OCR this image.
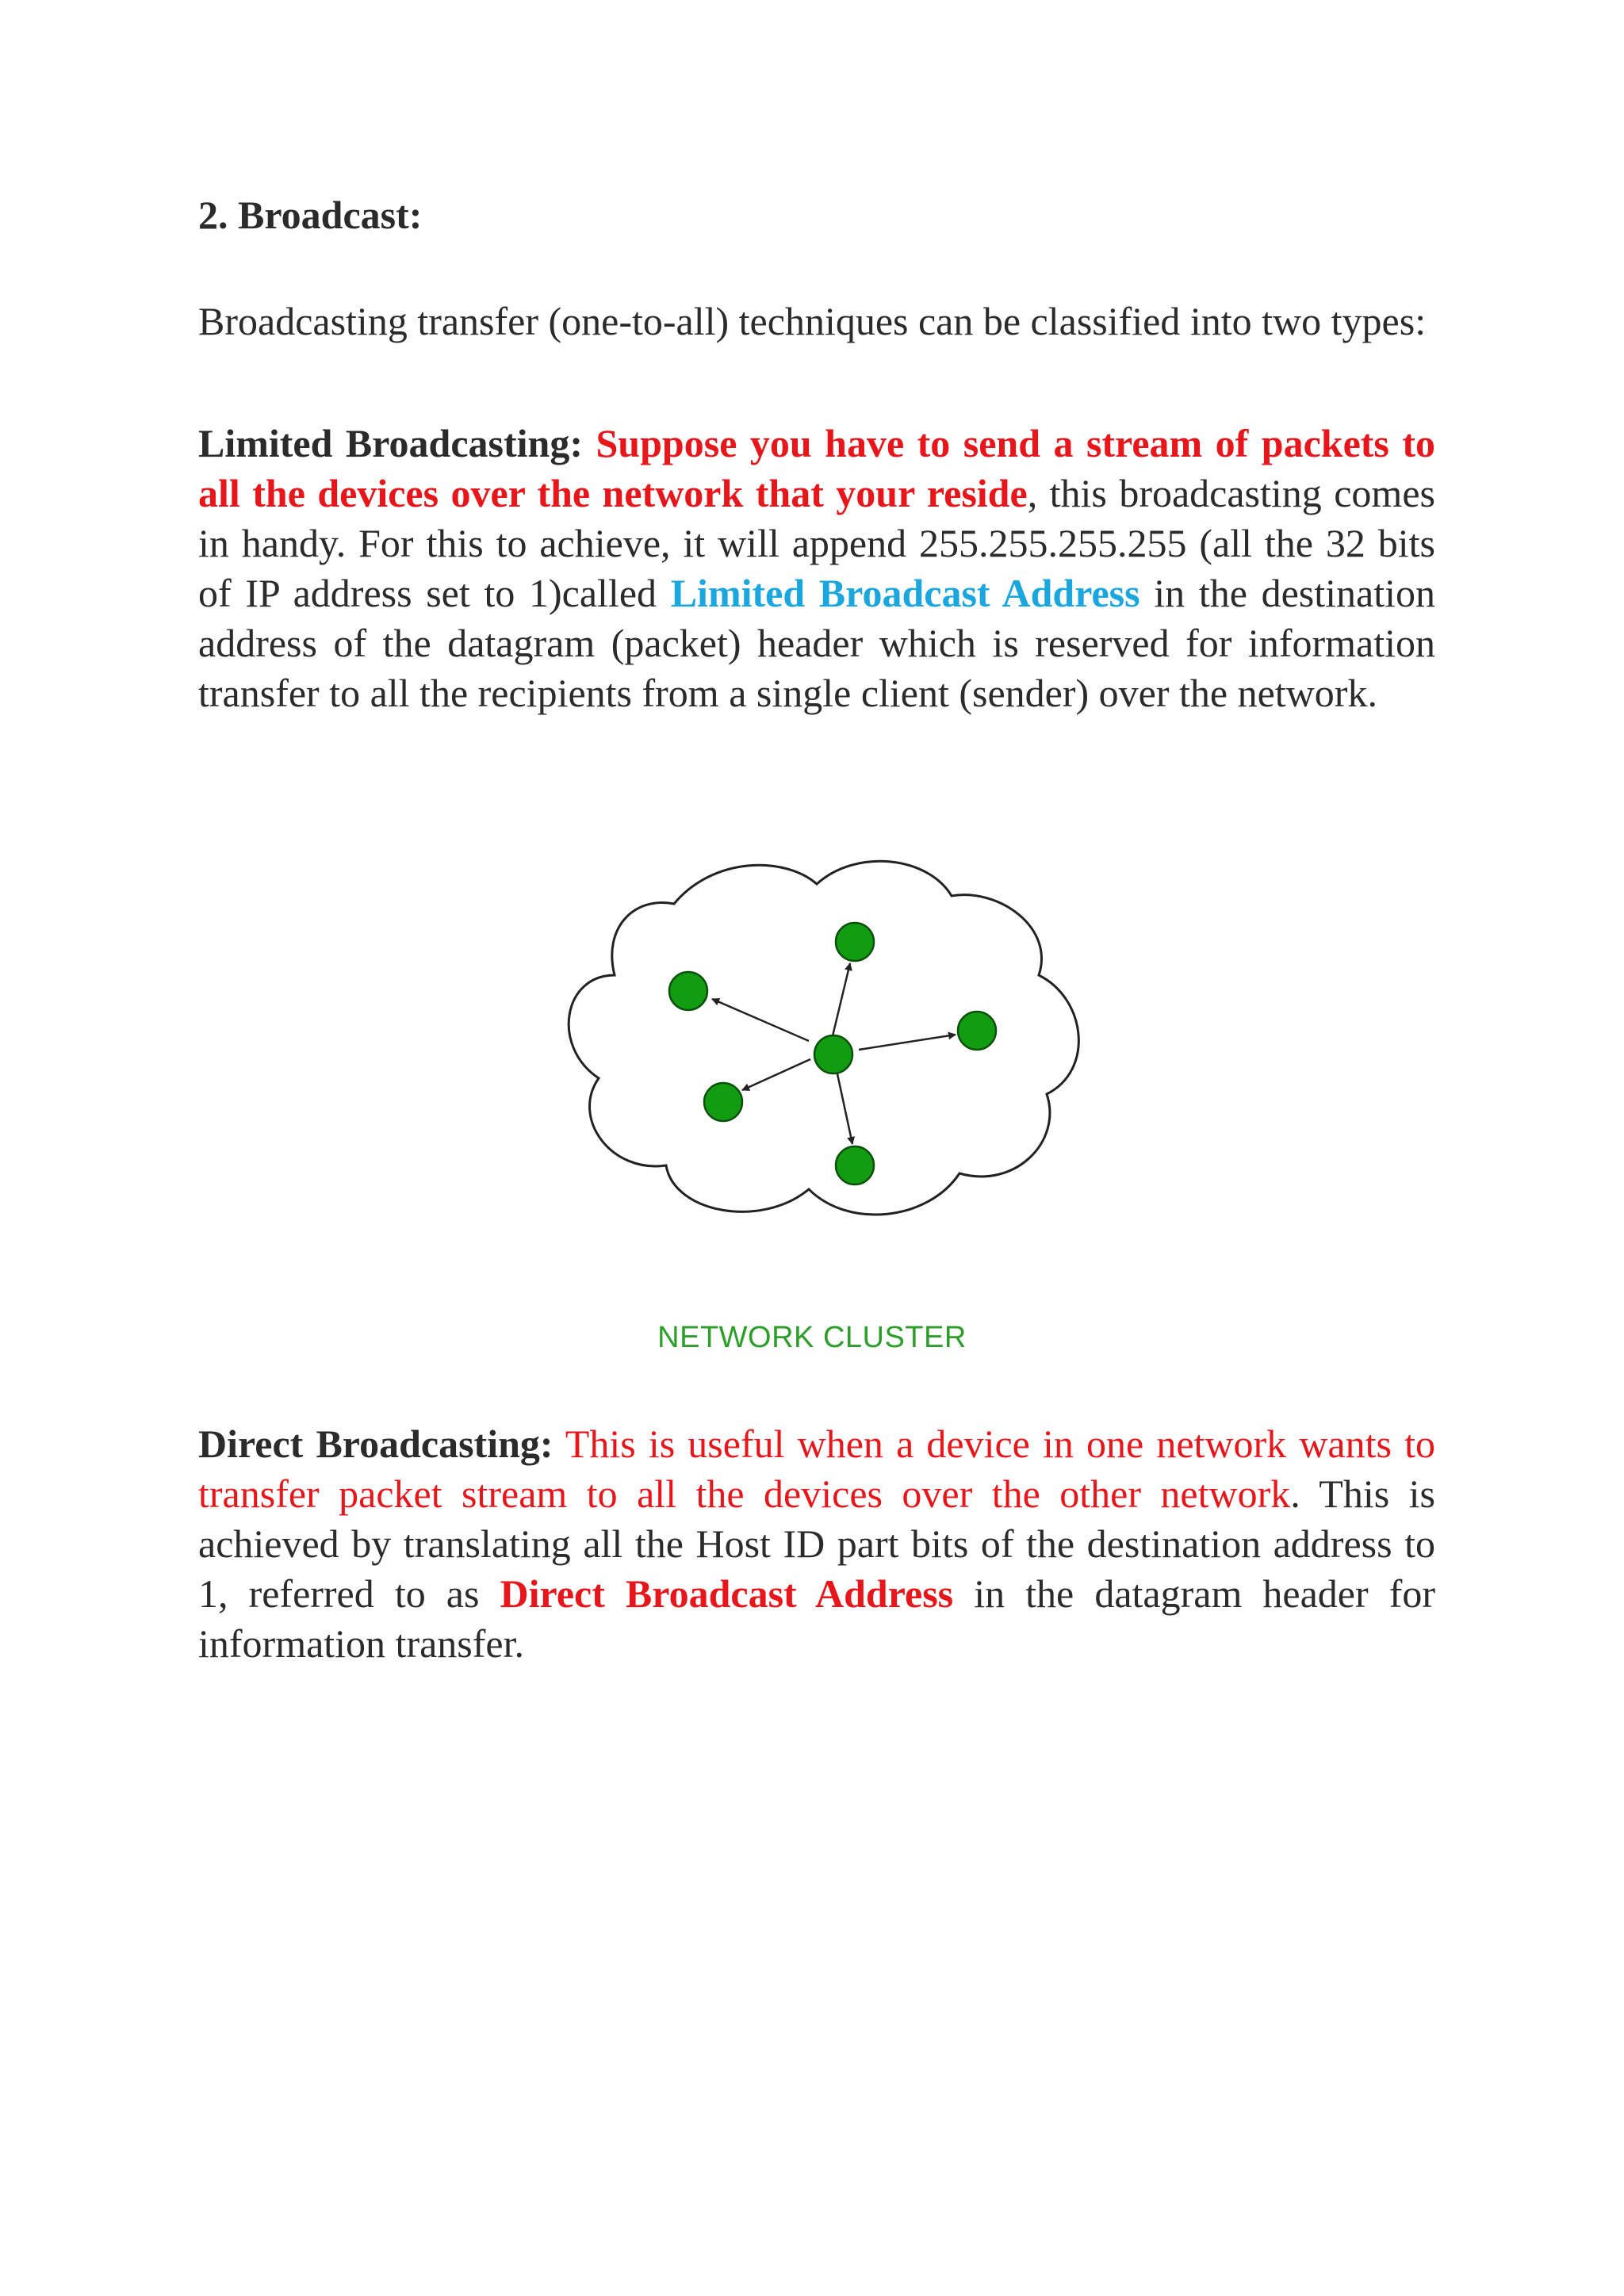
2. Broadcast:
Broadcasting transfer (one-to-all) techniques can be classified into two types:
Limited Broadcasting: Suppose you have to send a stream of packets to all the devices over the network that your reside, this broadcasting comes in handy. For this to achieve, it will append 255.255.255.255 (all the 32 bits of IP address set to 1)called Limited Broadcast Address in the destination address of the datagram (packet) header which is reserved for information transfer to all the recipients from a single client (sender) over the network.
Direct Broadcasting: This is useful when a device in one network wants to transfer packet stream to all the devices over the other network. This is achieved by translating all the Host ID part bits of the destination address to 1, referred to as Direct Broadcast Address in the datagram header for information transfer.
NETWORK CLUSTER
